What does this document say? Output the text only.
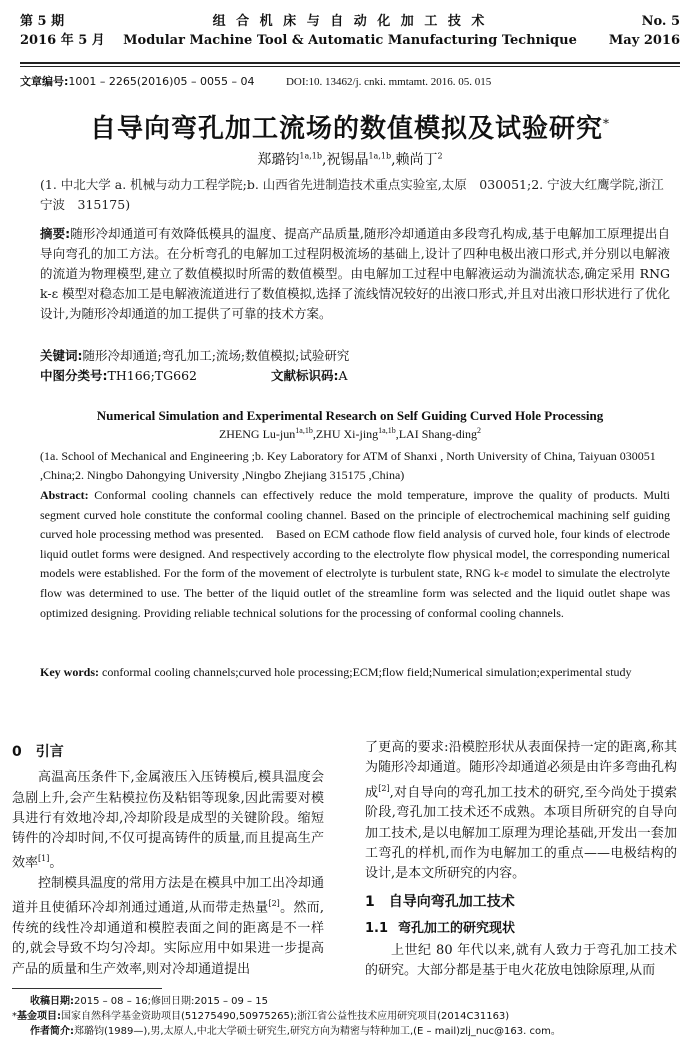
第 5 期
2016 年 5 月
组 合 机 床 与 自 动 化 加 工 技 术
Modular Machine Tool & Automatic Manufacturing Technique
No. 5
May 2016
文章编号:1001 – 2265(2016)05 – 0055 – 04	DOI:10. 13462/j. cnki. mmtamt. 2016. 05. 015
自导向弯孔加工流场的数值模拟及试验研究*
郑璐钧$^{1a,1b}$,祝锡晶$^{1a,1b}$,赖尚丁$^2$
(1. 中北大学 a. 机械与动力工程学院;b. 山西省先进制造技术重点实验室,太原　030051;2. 宁波大红鹰学院,浙江 宁波　315175)
摘要:随形冷却通道可有效降低模具的温度、提高产品质量,随形冷却通道由多段弯孔构成,基于电解加工原理提出自导向弯孔的加工方法。在分析弯孔的电解加工过程阴极流场的基础上,设计了四种电极出液口形式,并分别以电解液的流道为物理模型,建立了数值模拟时所需的数值模型。由电解加工过程中电解液运动为湍流状态,确定采用 RNG k-ε 模型对稳态加工是电解液流道进行了数值模拟,选择了流线情况较好的出液口形式,并且对出液口形状进行了优化设计,为随形冷却通道的加工提供了可靠的技术方案。
关键词:随形冷却通道;弯孔加工;流场;数值模拟;试验研究
中图分类号:TH166;TG662	文献标识码:A
Numerical Simulation and Experimental Research on Self Guiding Curved Hole Processing
ZHENG Lu-jun$^{1a,1b}$,ZHU Xi-jing$^{1a,1b}$,LAI Shang-ding$^2$
(1a. School of Mechanical and Engineering ;b. Key Laboratory for ATM of Shanxi , North University of China, Taiyuan 030051 ,China;2. Ningbo Dahongying University ,Ningbo Zhejiang 315175 ,China)
Abstract: Conformal cooling channels can effectively reduce the mold temperature, improve the quality of products. Multi segment curved hole constitute the conformal cooling channel. Based on the principle of electrochemical machining self guiding curved hole processing method was presented.　Based on ECM cathode flow field analysis of curved hole, four kinds of electrode liquid outlet forms were designed. And respectively according to the electrolyte flow physical model, the corresponding numerical models were established. For the form of the movement of electrolyte is turbulent state, RNG k-ε model to simulate the electrolyte flow was determined to use. The better of the liquid outlet of the streamline form was selected and the liquid outlet shape was optimized designing. Providing reliable technical solutions for the processing of conformal cooling channels.
Key words: conformal cooling channels;curved hole processing;ECM;flow field;Numerical simulation;experimental study
0 引言

高温高压条件下,金属液压入压铸模后,模具温度会急剧上升,会产生粘模拉伤及粘铝等现象,因此需要对模具进行有效地冷却,冷却阶段是成型的关键阶段。缩短铸件的冷却时间,不仅可提高铸件的质量,而且提高生产效率[1]。

控制模具温度的常用方法是在模具中加工出冷却通道并且使循环冷却剂通过通道,从而带走热量[2]。然而,传统的线性冷却通道和模腔表面之间的距离是不一样的,就会导致不均匀冷却。实际应用中如果进一步提高产品的质量和生产效率,则对冷却通道提出

了更高的要求:沿模腔形状从表面保持一定的距离,称其为随形冷却通道。随形冷却通道必须是由许多弯曲孔构成[2],对自导向的弯孔加工技术的研究,至今尚处于摸索阶段,弯孔加工技术还不成熟。本项目所研究的自导向加工技术,是以电解加工原理为理论基础,开发出一套加工弯孔的样机,而作为电解加工的重点——电极结构的设计,是本文所研究的内容。

1 自导向弯孔加工技术
1.1 弯孔加工的研究现状

上世纪 80 年代以来,就有人致力于弯孔加工技术的研究。大部分都是基于电火花放电蚀除原理,从而

收稿日期:2015 – 08 – 16;修回日期:2015 – 09 – 15
*基金项目:国家自然科学基金资助项目(51275490,50975265);浙江省公益性技术应用研究项目(2014C31163)
作者简介:郑璐钧(1989—),男,太原人,中北大学硕士研究生,研究方向为精密与特种加工,(E – mail)zlj_nuc@163. com。
